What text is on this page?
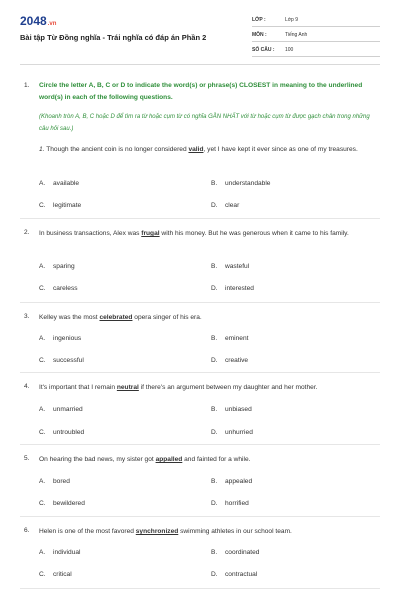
2048.vn
Bài tập Từ Đồng nghĩa - Trái nghĩa có đáp án Phần 2
LỚP :	Lớp 9
MÔN :	Tiếng Anh
SỐ CÂU : 100
1. Circle the letter A, B, C or D to indicate the word(s) or phrase(s) CLOSEST in meaning to the underlined word(s) in each of the following questions.
(Khoanh tròn A, B, C hoặc D để tìm ra từ hoặc cụm từ có nghĩa GẦN NHẤT với từ hoặc cụm từ được gạch chân trong những câu hỏi sau.)
1. Though the ancient coin is no longer considered valid, yet I have kept it ever since as one of my treasures.
A. available	B. understandable
C. legitimate	D. clear
2. In business transactions, Alex was frugal with his money. But he was generous when it came to his family.
A. sparing	B. wasteful
C. careless	D. interested
3. Kelley was the most celebrated opera singer of his era.
A. ingenious	B. eminent
C. successful	D. creative
4. It's important that I remain neutral if there's an argument between my daughter and her mother.
A. unmarried	B. unbiased
C. untroubled	D. unhurried
5. On hearing the bad news, my sister got appalled and fainted for a while.
A. bored	B. appealed
C. bewildered	D. horrified
6. Helen is one of the most favored synchronized swimming athletes in our school team.
A. individual	B. coordinated
C. critical	D. contractual
